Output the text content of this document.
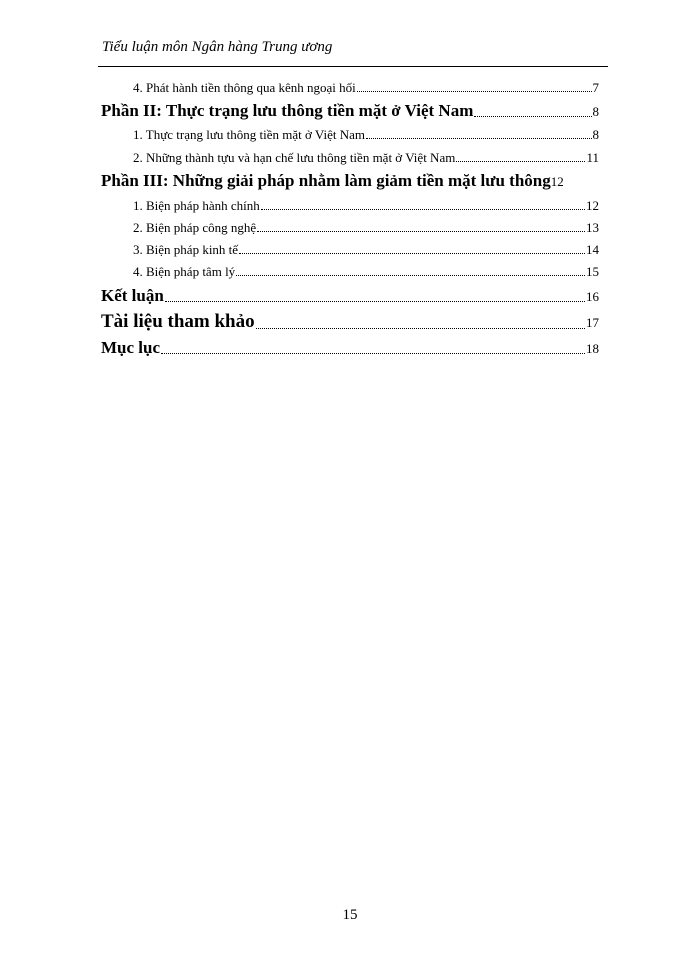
Tiểu luận môn Ngân hàng Trung ương
4. Phát hành tiền thông qua kênh ngoại hối	7
Phần II: Thực trạng lưu thông tiền mặt ở Việt Nam	8
1. Thực trạng lưu thông tiền mặt ở Việt Nam	8
2. Những thành tựu và hạn chế lưu thông tiền mặt ở Việt Nam	11
Phần III: Những giải pháp nhằm làm giảm tiền mặt lưu thông 12
1. Biện pháp hành chính	12
2. Biện pháp công nghệ	13
3. Biện pháp kinh tế	14
4. Biện pháp tâm lý	15
Kết luận	16
Tài liệu tham khảo	17
Mục lục	18
15
